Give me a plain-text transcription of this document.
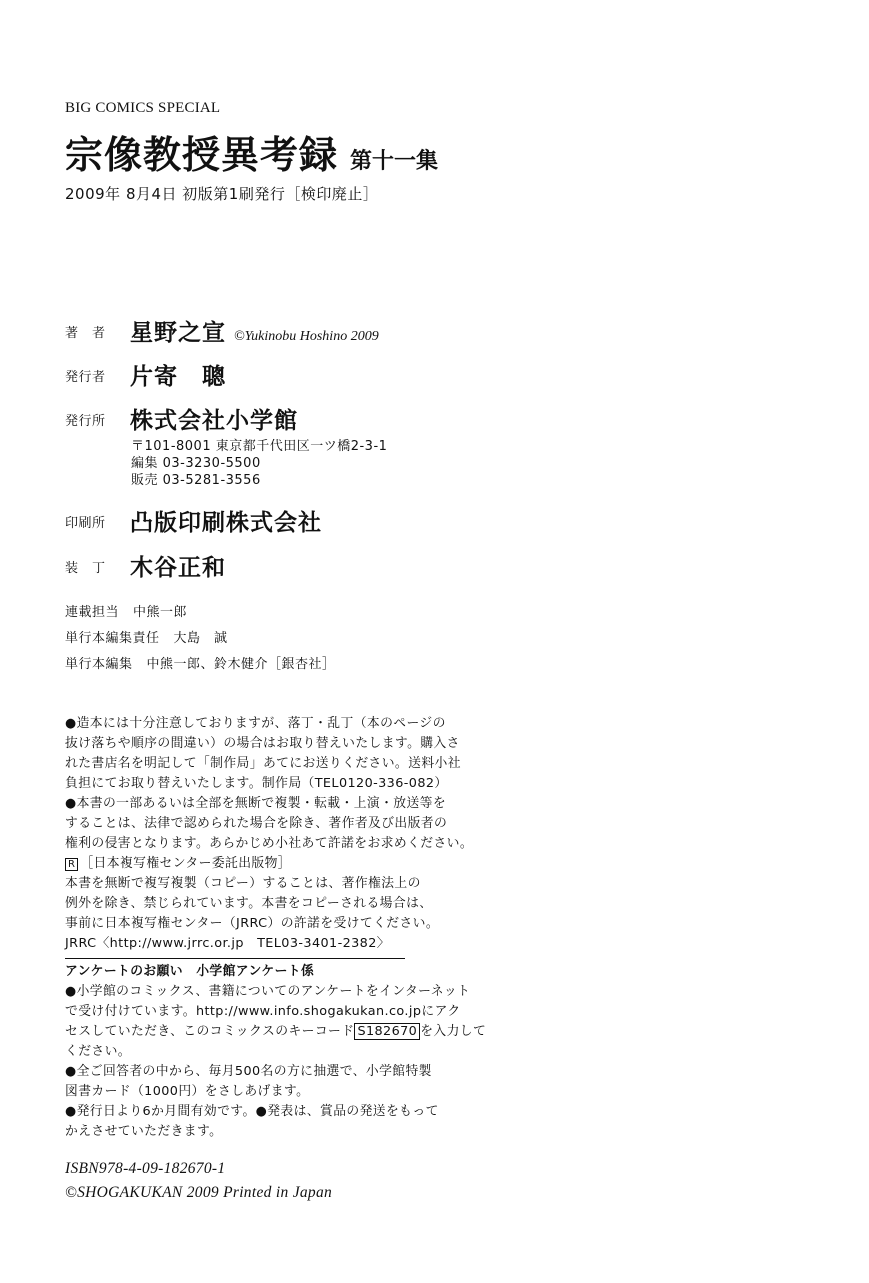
BIG COMICS SPECIAL
宗像教授異考録 第十一集
2009年 8月4日 初版第1刷発行［検印廃止］
著　者 星野之宣 ©Yukinobu Hoshino 2009
発行者 片寄　聰
発行所 株式会社小学館
〒101-8001 東京都千代田区一ツ橋2-3-1
編集 03-3230-5500
販売 03-5281-3556
印刷所 凸版印刷株式会社
装　丁 木谷正和
連載担当 中熊一郎
単行本編集責任 大島　誠
単行本編集 中熊一郎、鈴木健介［銀杏社］
●造本には十分注意しておりますが、落丁・乱丁（本のページの
抜け落ちや順序の間違い）の場合はお取り替えいたします。購入さ
れた書店名を明記して「制作局」あてにお送りください。送料小社
負担にてお取り替えいたします。制作局（TEL0120-336-082）
●本書の一部あるいは全部を無断で複製・転載・上演・放送等を
することは、法律で認められた場合を除き、著作者及び出版者の
権利の侵害となります。あらかじめ小社あて許諾をお求めください。
R ［日本複写権センター委託出版物］
本書を無断で複写複製（コピー）することは、著作権法上の
例外を除き、禁じられています。本書をコピーされる場合は、
事前に日本複写権センター（JRRC）の許諾を受けてください。
JRRC〈http://www.jrrc.or.jp　TEL03-3401-2382〉
アンケートのお願い　小学館アンケート係
●小学館のコミックス、書籍についてのアンケートをインターネット
で受け付けています。http://www.info.shogakukan.co.jpにアク
セスしていただき、このコミックスのキーコード S182670 を入力して
ください。
●全ご回答者の中から、毎月500名の方に抽選で、小学館特製
図書カード（1000円）をさしあげます。
●発行日より6か月間有効です。●発表は、賞品の発送をもって
かえさせていただきます。
ISBN978-4-09-182670-1
©SHOGAKUKAN 2009 Printed in Japan
